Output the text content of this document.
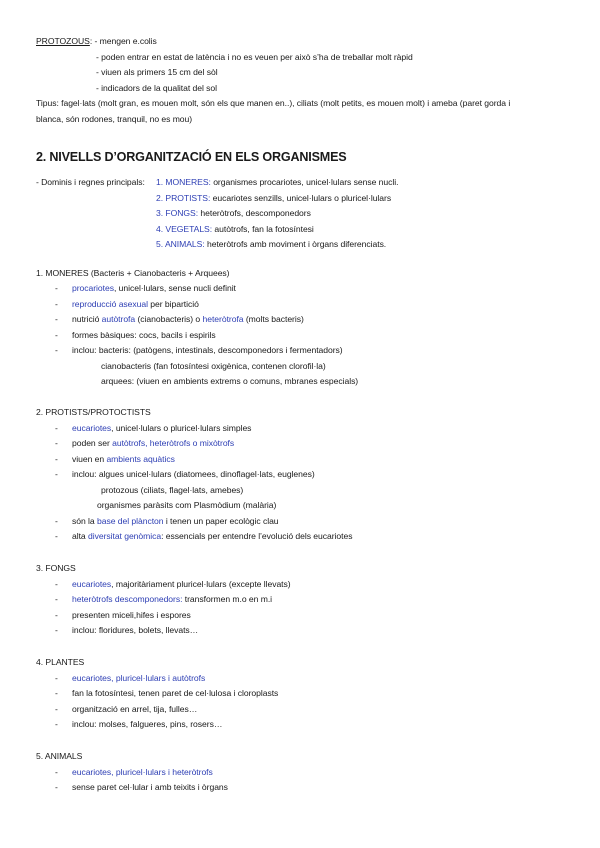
PROTOZOUS: - mengen e.colis
- poden entrar en estat de latència i no es veuen per això s’ha de treballar molt ràpid
- viuen als primers 15 cm del sòl
- indicadors de la qualitat del sol
Tipus: fagel·lats (molt gran, es mouen molt, són els que manen en..), ciliats (molt petits, es mouen molt) i ameba (paret gorda i
blanca, són rodones, tranquil, no es mou)
2. NIVELLS D’ORGANITZACIÓ EN ELS ORGANISMES
- Dominis i regnes principals: 1. MONERES: organismes procariotes, unicel·lulars sense nucli.
2. PROTISTS: eucariotes senzills, unicel·lulars o pluricel·lulars
3. FONGS: heteròtrofs, descomponedors
4. VEGETALS: autòtrofs, fan la fotosíntesi
5. ANIMALS: heteròtrofs amb moviment i òrgans diferenciats.
1. MONERES (Bacteris + Cianobacteris + Arquees)
- procariotes, unicel·lulars, sense nucli definit
- reproducció asexual per bipartició
- nutrició autòtrofa (cianobacteris) o heteròtrofa (molts bacteris)
- formes bàsiques: cocs, bacils i espirils
- inclou: bacteris: (patògens, intestinals, descomponedors i fermentadors)
cianobacteris (fan fotosíntesi oxigènica, contenen clorofil·la)
arquees: (viuen en ambients extrems o comuns, mbranes especials)
2. PROTISTS/PROTOCTISTS
- eucariotes, unicel·lulars o pluricel·lulars simples
- poden ser autòtrofs, heteròtrofs o mixòtrofs
- viuen en ambients aquàtics
- inclou: algues unicel·lulars (diatomees, dinoflagel·lats, euglenes)
protozous (ciliats, flagel·lats, amebes)
organismes paràsits com Plasmòdium (malària)
- són la base del plàncton i tenen un paper ecològic clau
- alta diversitat genòmica: essencials per entendre l’evolució dels eucariotes
3. FONGS
- eucariotes, majoritàriament pluricel·lulars (excepte llevats)
- heteròtrofs descomponedors: transformen m.o en m.i
- presenten miceli,hifes i espores
- inclou: floridures, bolets, llevats…
4. PLANTES
- eucariotes, pluricel·lulars i autòtrofs
- fan la fotosíntesi, tenen paret de cel·lulosa i cloroplasts
- organització en arrel, tija, fulles…
- inclou: molses, falgueres, pins, rosers…
5. ANIMALS
- eucariotes, pluricel·lulars i heteròtrofs
- sense paret cel·lular i amb teixits i òrgans
